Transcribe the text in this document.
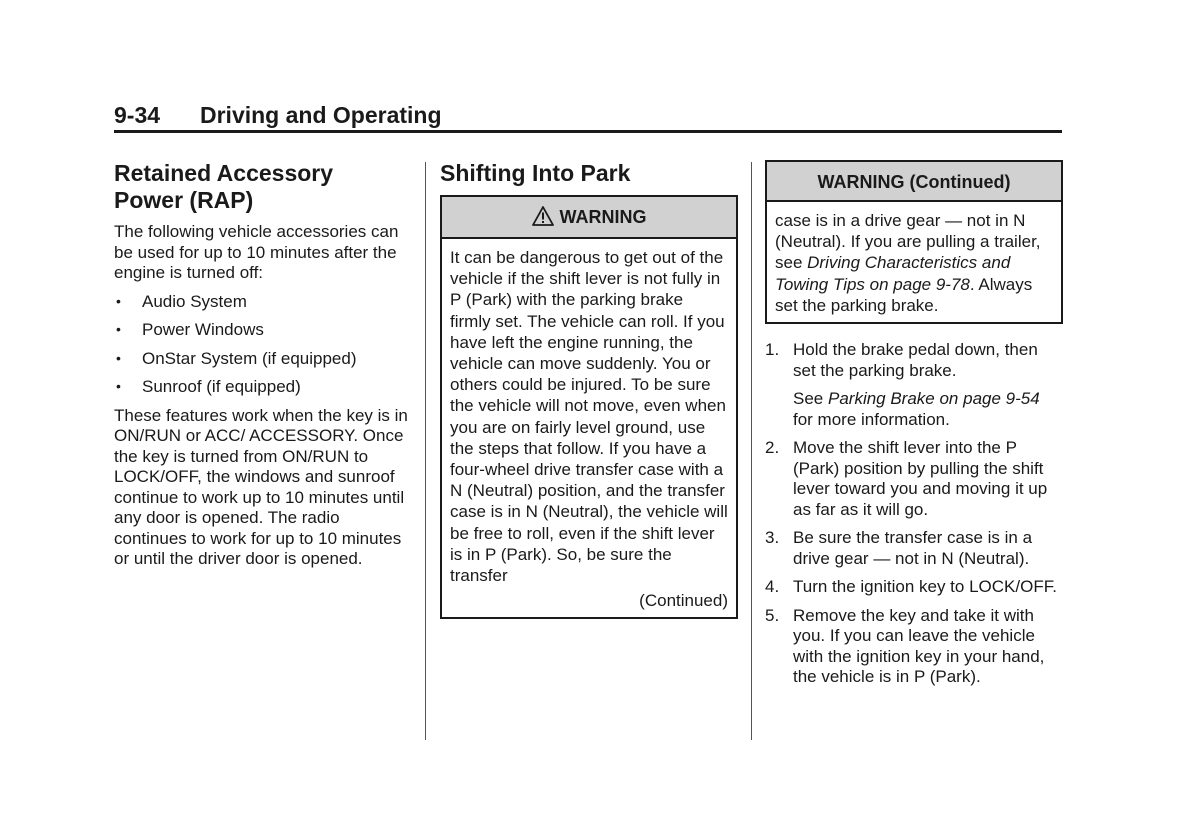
9-34 Driving and Operating
Retained Accessory
Power (RAP)

The following vehicle accessories can be used for up to 10 minutes after the engine is turned off:

• Audio System
• Power Windows
• OnStar System (if equipped)
• Sunroof (if equipped)

These features work when the key is in ON/RUN or ACC/ ACCESSORY. Once the key is turned from ON/RUN to LOCK/OFF, the windows and sunroof continue to work up to 10 minutes until any door is opened. The radio continues to work for up to 10 minutes or until the driver door is opened.

Shifting Into Park
WARNING

It can be dangerous to get out of the vehicle if the shift lever is not fully in P (Park) with the parking brake firmly set. The vehicle can roll. If you have left the engine running, the vehicle can move suddenly. You or others could be injured. To be sure the vehicle will not move, even when you are on fairly level ground, use the steps that follow. If you have a four-wheel drive transfer case with a N (Neutral) position, and the transfer case is in N (Neutral), the vehicle will be free to roll, even if the shift lever is in P (Park). So, be sure the transfer

(Continued)
WARNING (Continued)
case is in a drive gear — not in N (Neutral). If you are pulling a trailer, see Driving Characteristics and Towing Tips on page 9-78. Always set the parking brake.
1. Hold the brake pedal down, then set the parking brake.

See Parking Brake on page 9-54 for more information.

2. Move the shift lever into the P (Park) position by pulling the shift lever toward you and moving it up as far as it will go.
3. Be sure the transfer case is in a drive gear — not in N (Neutral).
4. Turn the ignition key to LOCK/OFF.
5. Remove the key and take it with you. If you can leave the vehicle with the ignition key in your hand, the vehicle is in P (Park).
